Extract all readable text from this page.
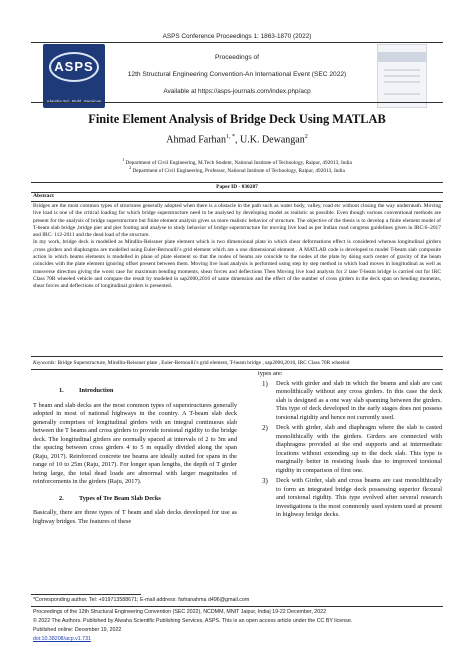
ASPS Conference Proceedings 1: 1863-1870 (2022)
ASPS
Proceedings of
12th Structural Engineering Convention-An International Event (SEC 2022)
Available at https://asps-journals.com/index.php/acp
Finite Element Analysis of Bridge Deck Using MATLAB
Ahmad Farhan$^{1, *}$, U.K. Dewangan$^2$
$^1$ Department of Civil Engineering, M.Tech Student, National Institute of Technology, Raipur, 492013, India
$^2$ Department of Civil Engineering, Professor, National Institute of Technology, Raipur, 492013, India
Paper ID - 030287
Abstract

Bridges are the most common types of structures generally adopted when there is a obstacle in the path such as water body, valley, road etc without closing the way underneath. Moving live load is one of the critical loading for which bridge superstructure need to be analysed by developing model as realistic as possible. Even though various conventional methods are present for the analysis of bridge superstructure but finite element analysis gives us more realistic behavior of structure. The objective of the thesis is to develop a finite element model of T-beam slab bridge ,bridge pier and pier footing and analyse to study behavior of bridge superstructure for moving live load as per Indian road congress guidelines given in IRC:6–2017 and IRC: 112-2011 and the dead load of the structure.

In my work, bridge deck is modelled as Mindlin-Reissner plate element which is two dimensional plate in which shear deformations effect is considered whereas longitudinal girders ,cross girders and diaphragms are modelled using Euler-Bernoulli’s grid element which are a one dimensional element . A MATLAB code is developed to model T-beam slab composite action in which beams elements is modelled in plane of plate element so that the nodes of beams are coincide to the nodes of the plate by doing such center of gravity of the beam coincides with the plate element ignoring offset present between them. Moving live load analysis is performed using step by step method in which load moves in longitudinal as well as transverse direction giving the worst case for maximum bending moments, shear forces and deflections Then Moving live load analysis for 2 lane T-beam bridge is carried out for IRC Class 70R wheeled vehicle and compare the result by modeled in sap2000,2016 of same dimension and the effect of the number of cross girders in the deck span on bending moments, shear forces and deflections of longitudinal girders is presented.

Keywords: Bridge Superstructure, Mindlin-Reissner plate , Euler-Bernoulli’s grid element, T-beam bridge , sap2000,2016, IRC Class 70R wheeled
1. Introduction

T beam and slab decks are the most common types of superstructures generally adopted in most of national highways in the country. A T-beam slab deck generally comprises of longitudinal girders with an integral continuous slab between the T beams and cross girders to provide torsional rigidity to the bridge deck. The longitudinal girders are normally spaced at intervals of 2 to 3m and the spacing between cross girders 4 to 5 m equally divided along the span (Raju, 2017). Reinforced concrete tee beams are ideally suited for spans in the range of 10 to 25m (Raju, 2017). For longer span lengths, the depth of T girder being large, the total dead loads are abnormal with larger magnitudes of reinforcements in the girders (Raju, 2017).

2. Types of Tee Beam Slab Decks

Basically, there are three types of T beam and slab decks developed for use as highway bridges. The features of these

types are:

1)	Deck with girder and slab in which the beams and slab are cast monolithically without any cross girders. In this case the deck slab is designed as a one way slab spanning between the girders. This type of deck developed in the early stages does not possess torsional rigidity and hence not currently used.
2)	Deck with girder, slab and diaphragm where the slab is casted monolithically with the girders. Girders are connected with diaphragms provided at the end supports and at intermediate locations without extending up to the deck slab. This type is marginally better in resisting loads due to improved torsional rigidity in comparison of first one.
3)	Deck with Girder, slab and cross beams are cast monolithically to form an integrated bridge deck possessing superior flexural and torsional rigidity. This type evolved after several research investigations is the most commonly used system used at present in highway bridge decks.
*Corresponding author. Tel: +919713588671; E-mail address: farhanahma d496@gmail.com
Proceedings of the 12th Structural Engineering Convention (SEC 2022), NCDMM, MNIT Jaipur, India| 19-22 December, 2022
© 2022 The Authors. Published by Alwaha Scientific Publishing Services, ASPS. This is an open access article under the CC BY license.
Published online: December 19, 2022
doi:10.38208/acp.v1.731
